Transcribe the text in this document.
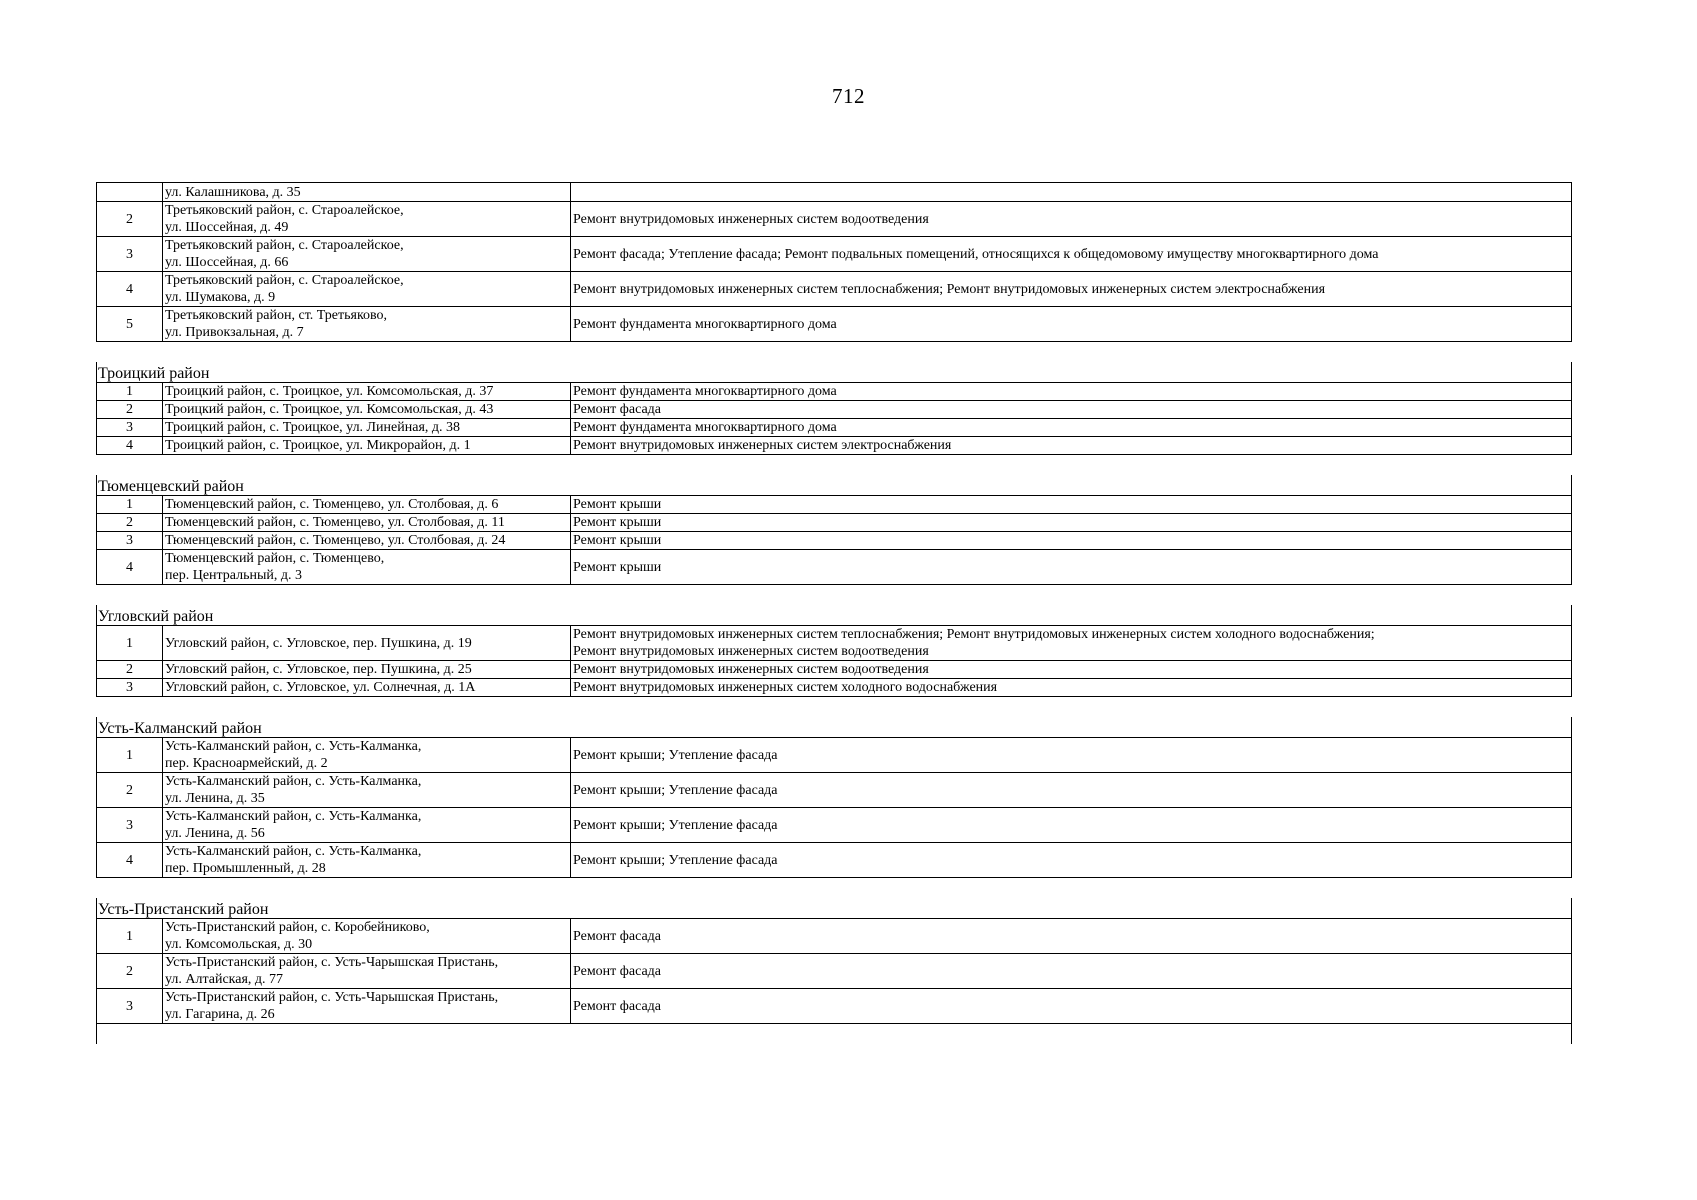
712
	ул. Калашникова, д. 35	
2	Третьяковский район, с. Староалейское,
ул. Шоссейная, д. 49	Ремонт внутридомовых инженерных систем водоотведения

3	Третьяковский район, с. Староалейское,
ул. Шоссейная, д. 66	Ремонт фасада; Утепление фасада; Ремонт подвальных помещений, относящихся к общедомовому имуществу многоквартирного дома

4	Третьяковский район, с. Староалейское,
ул. Шумакова, д. 9	Ремонт внутридомовых инженерных систем теплоснабжения; Ремонт внутридомовых инженерных систем электроснабжения

5	Третьяковский район, ст. Третьяково,
ул. Привокзальная, д. 7	Ремонт фундамента многоквартирного дома

Троицкий район		
1	Троицкий район, с. Троицкое, ул. Комсомольская, д. 37	Ремонт фундамента многоквартирного дома

2	Троицкий район, с. Троицкое, ул. Комсомольская, д. 43	Ремонт фасада

3	Троицкий район, с. Троицкое, ул. Линейная, д. 38	Ремонт фундамента многоквартирного дома

4	Троицкий район, с. Троицкое, ул. Микрорайон, д. 1	Ремонт внутридомовых инженерных систем электроснабжения

Тюменцевский район		
1	Тюменцевский район, с. Тюменцево, ул. Столбовая, д. 6	Ремонт крыши

2	Тюменцевский район, с. Тюменцево, ул. Столбовая, д. 11	Ремонт крыши

3	Тюменцевский район, с. Тюменцево, ул. Столбовая, д. 24	Ремонт крыши

4	Тюменцевский район, с. Тюменцево,
пер. Центральный, д. 3	Ремонт крыши

Угловский район		
1	Угловский район, с. Угловское, пер. Пушкина, д. 19	Ремонт внутридомовых инженерных систем теплоснабжения; Ремонт внутридомовых инженерных систем холодного водоснабжения;
Ремонт внутридомовых инженерных систем водоотведения

2	Угловский район, с. Угловское, пер. Пушкина, д. 25	Ремонт внутридомовых инженерных систем водоотведения

3	Угловский район, с. Угловское, ул. Солнечная, д. 1А	Ремонт внутридомовых инженерных систем холодного водоснабжения

Усть-Калманский район		
1	Усть-Калманский район, с. Усть-Калманка,
пер. Красноармейский, д. 2	Ремонт крыши; Утепление фасада

2	Усть-Калманский район, с. Усть-Калманка,
ул. Ленина, д. 35	Ремонт крыши; Утепление фасада

3	Усть-Калманский район, с. Усть-Калманка,
ул. Ленина, д. 56	Ремонт крыши; Утепление фасада

4	Усть-Калманский район, с. Усть-Калманка,
пер. Промышленный, д. 28	Ремонт крыши; Утепление фасада

Усть-Пристанский район		
1	Усть-Пристанский район, с. Коробейниково,
ул. Комсомольская, д. 30	Ремонт фасада

2	Усть-Пристанский район, с. Усть-Чарышская Пристань,
ул. Алтайская, д. 77	Ремонт фасада

3	Усть-Пристанский район, с. Усть-Чарышская Пристань,
ул. Гагарина, д. 26	Ремонт фасада
